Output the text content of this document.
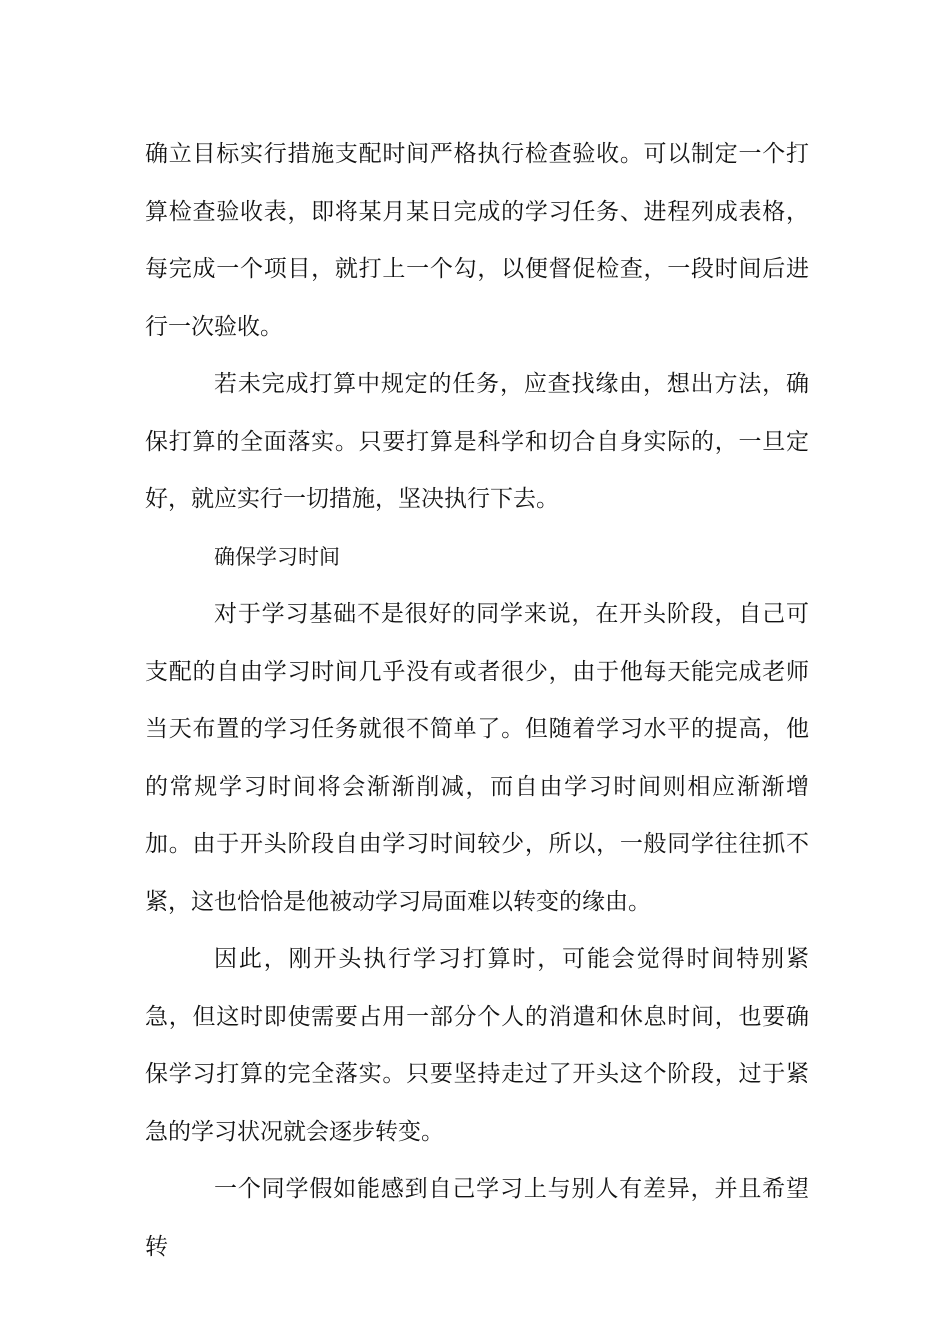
确立目标实行措施支配时间严格执行检查验收。可以制定一个打算检查验收表，即将某月某日完成的学习任务、进程列成表格，每完成一个项目，就打上一个勾，以便督促检查，一段时间后进行一次验收。

若未完成打算中规定的任务，应查找缘由，想出方法，确保打算的全面落实。只要打算是科学和切合自身实际的，一旦定好，就应实行一切措施，坚决执行下去。

确保学习时间

对于学习基础不是很好的同学来说，在开头阶段，自己可支配的自由学习时间几乎没有或者很少，由于他每天能完成老师当天布置的学习任务就很不简单了。但随着学习水平的提高，他的常规学习时间将会渐渐削减，而自由学习时间则相应渐渐增加。由于开头阶段自由学习时间较少，所以，一般同学往往抓不紧，这也恰恰是他被动学习局面难以转变的缘由。

因此，刚开头执行学习打算时，可能会觉得时间特别紧急，但这时即使需要占用一部分个人的消遣和休息时间，也要确保学习打算的完全落实。只要坚持走过了开头这个阶段，过于紧急的学习状况就会逐步转变。

一个同学假如能感到自己学习上与别人有差异，并且希望转
